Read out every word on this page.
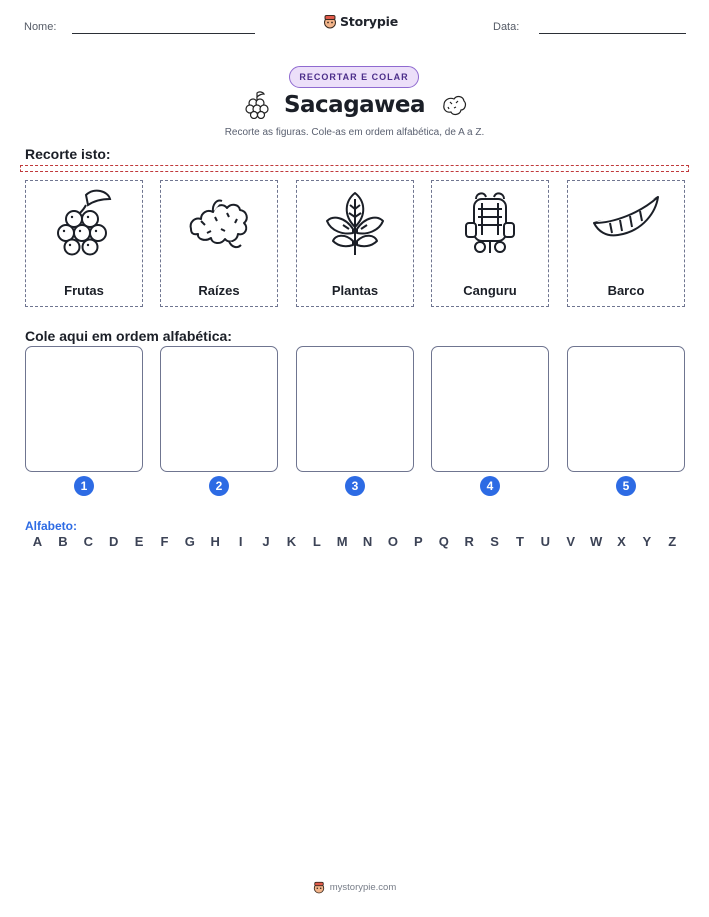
Nome:	Storypie	Data:
RECORTAR E COLAR
Sacagawea
Recorte as figuras. Cole-as em ordem alfabética, de A a Z.
Recorte isto:
Frutas	Raízes	Plantas	Canguru	Barco
Cole aqui em ordem alfabética:
1	2	3	4	5
Alfabeto:
A	B	C	D	E	F	G	H	I	J	K	L	M	N	O	P	Q	R	S	T	U	V	W	X	Y	Z
mystorypie.com
